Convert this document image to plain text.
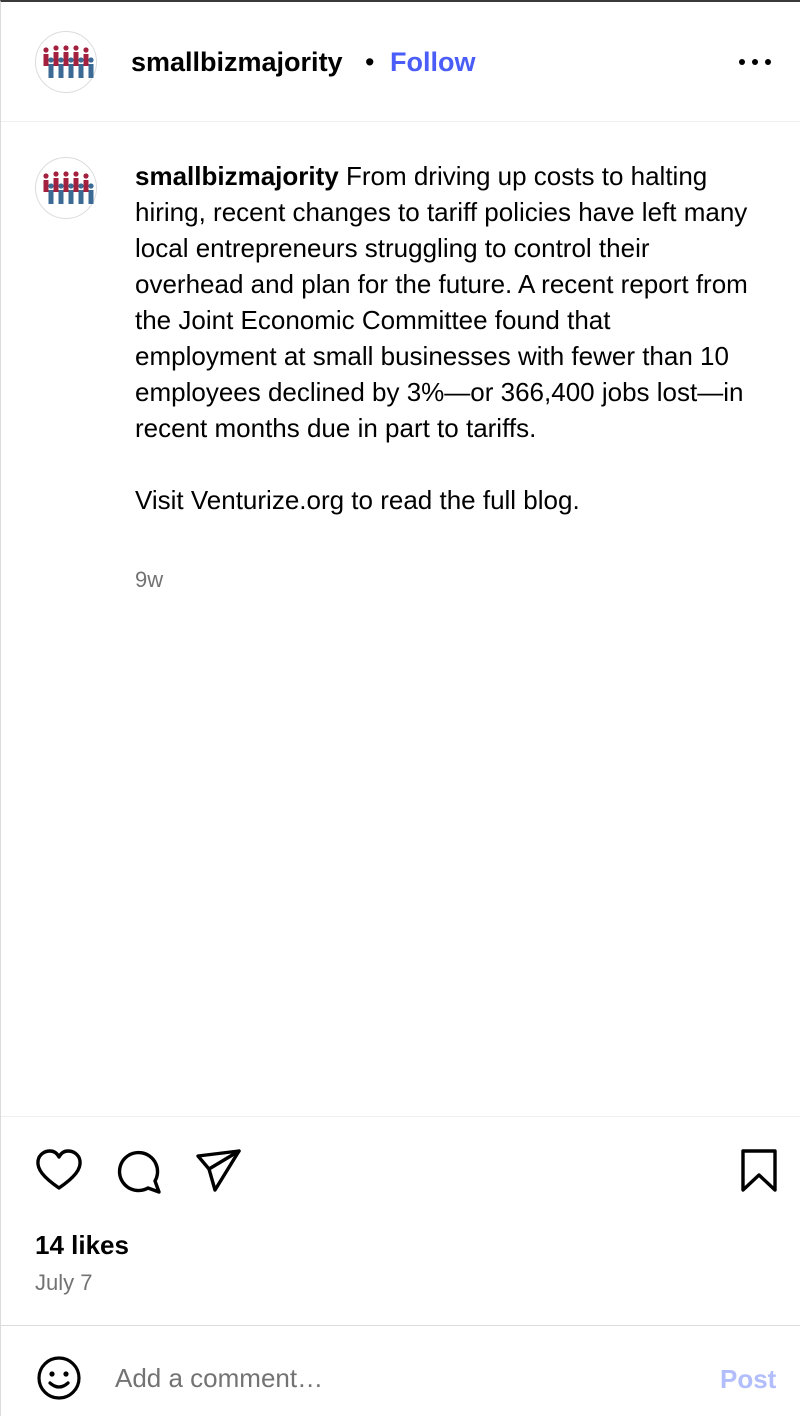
smallbizmajority • Follow

smallbizmajority From driving up costs to halting hiring, recent changes to tariff policies have left many local entrepreneurs struggling to control their overhead and plan for the future. A recent report from the Joint Economic Committee found that employment at small businesses with fewer than 10 employees declined by 3%—or 366,400 jobs lost—in recent months due in part to tariffs.

Visit Venturize.org to read the full blog.

9w
14 likes
July 7
Add a comment…
Post
